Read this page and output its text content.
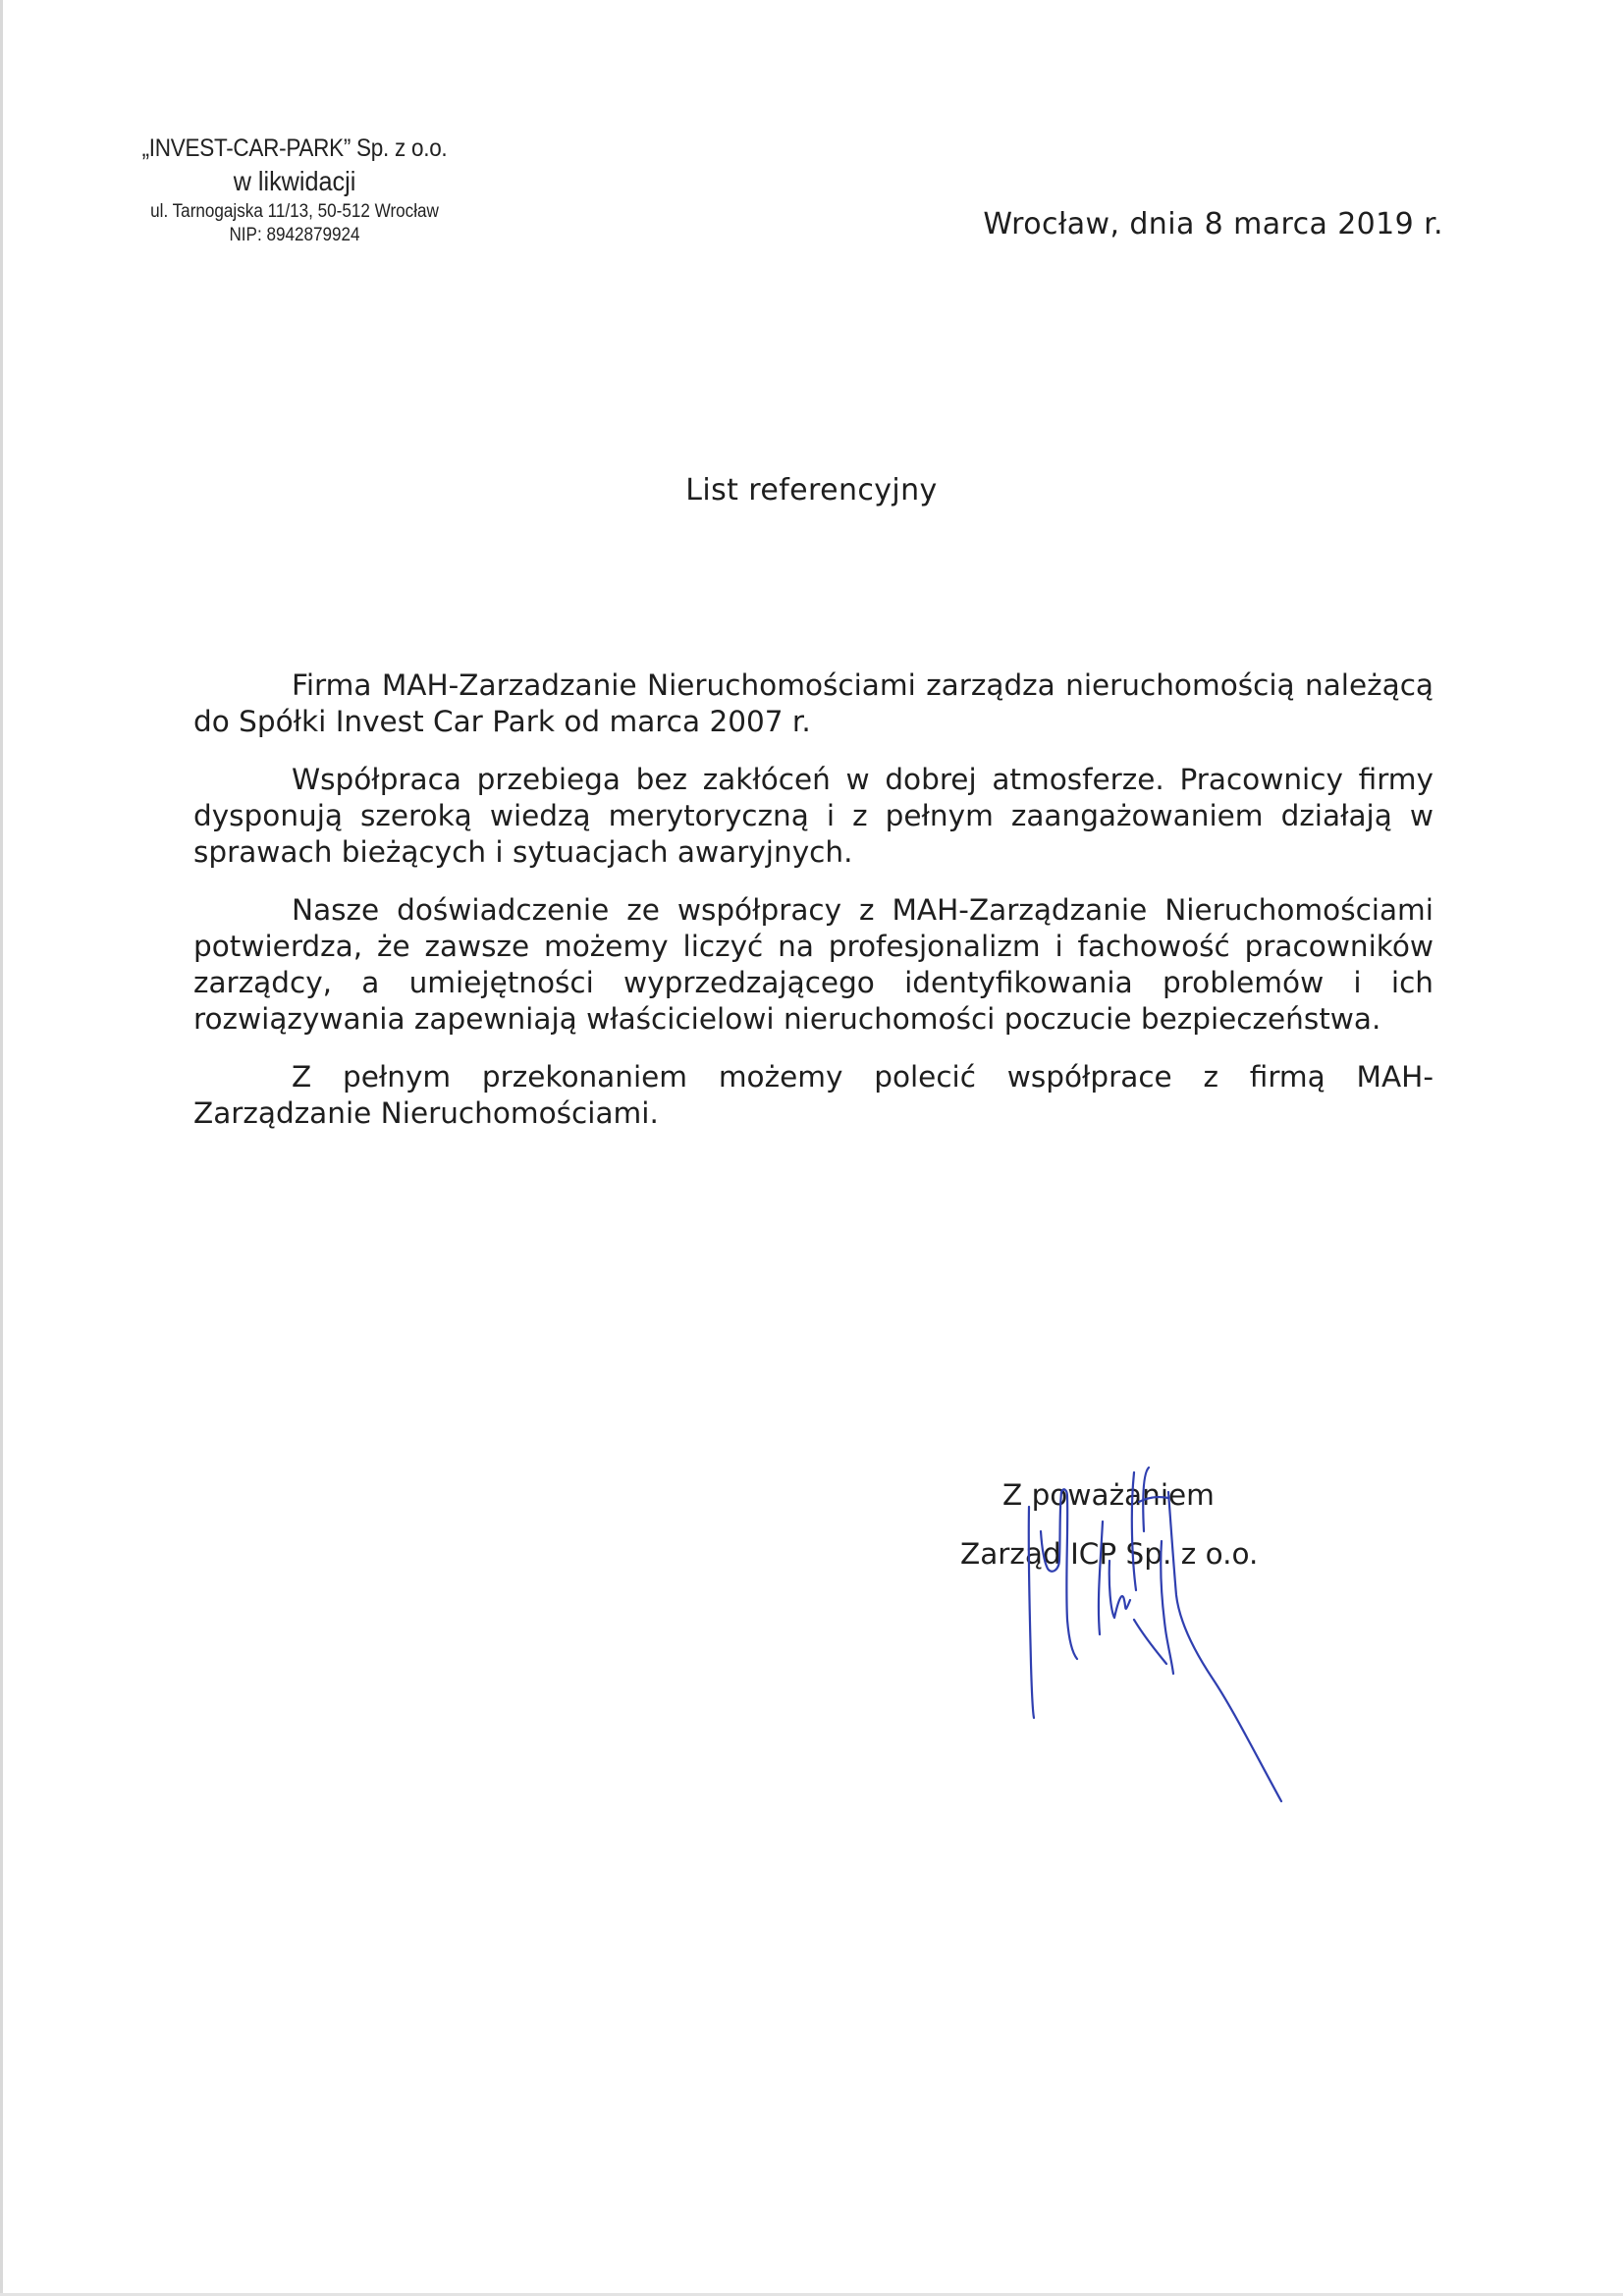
„INVEST-CAR-PARK” Sp. z o.o.
w likwidacji
ul. Tarnogajska 11/13, 50-512 Wrocław
NIP: 8942879924	Wrocław, dnia 8 marca 2019 r.
List referencyjny

Firma MAH-Zarzadzanie Nieruchomościami zarządza nieruchomością należącą do Spółki Invest Car Park od marca 2007 r.

Współpraca przebiega bez zakłóceń w dobrej atmosferze. Pracownicy firmy dysponują szeroką wiedzą merytoryczną i z pełnym zaangażowaniem działają w sprawach bieżących i sytuacjach awaryjnych.

Nasze doświadczenie ze współpracy z MAH-Zarządzanie Nieruchomościami potwierdza, że zawsze możemy liczyć na profesjonalizm i fachowość pracowników zarządcy, a umiejętności wyprzedzającego identyfikowania problemów i ich rozwiązywania zapewniają właścicielowi nieruchomości poczucie bezpieczeństwa.

Z pełnym przekonaniem możemy polecić współprace z firmą MAH-Zarządzanie Nieruchomościami.

Z poważaniem
Zarząd ICP Sp. z o.o.
